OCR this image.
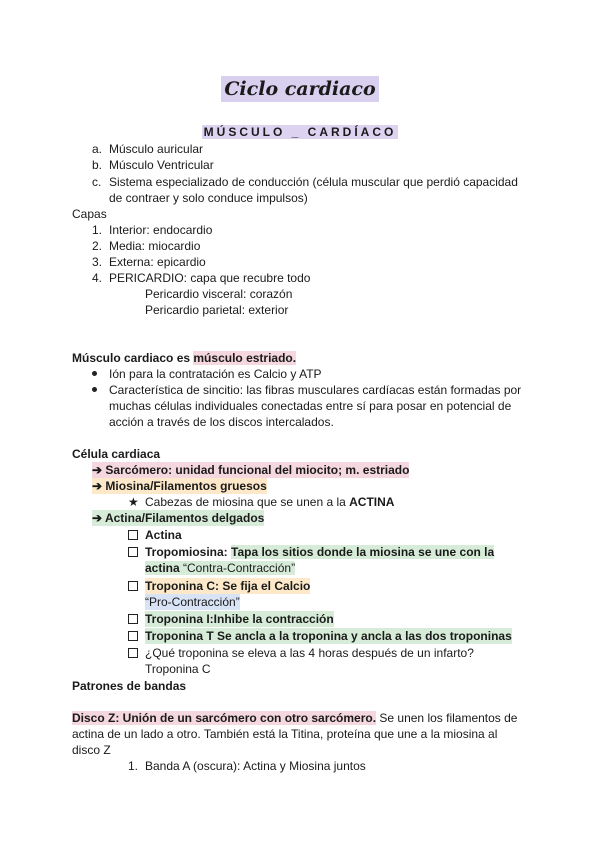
Ciclo cardiaco
MÚSCULO _ CARDÍACO
a. Músculo auricular
b. Músculo Ventricular
c. Sistema especializado de conducción (célula muscular que perdió capacidad
de contraer y solo conduce impulsos)
Capas
1. Interior: endocardio
2. Media: miocardio
3. Externa: epicardio
4. PERICARDIO: capa que recubre todo
Pericardio visceral: corazón
Pericardio parietal: exterior
Músculo cardiaco es músculo estriado.
Ión para la contratación es Calcio y ATP
Característica de sincitio: las fibras musculares cardíacas están formadas por
muchas células individuales conectadas entre sí para posar en potencial de
acción a través de los discos intercalados.
Célula cardiaca
➔ Sarcómero: unidad funcional del miocito; m. estriado
➔ Miosina/Filamentos gruesos
★ Cabezas de miosina que se unen a la ACTINA
➔ Actina/Filamentos delgados
Actina
Tropomiosina: Tapa los sitios donde la miosina se une con la
actina “Contra-Contracción”
Troponina C: Se fija el Calcio
“Pro-Contracción”
Troponina I:Inhibe la contracción
Troponina T Se ancla a la troponina y ancla a las dos troponinas
¿Qué troponina se eleva a las 4 horas después de un infarto?
Troponina C
Patrones de bandas
Disco Z: Unión de un sarcómero con otro sarcómero. Se unen los filamentos de
actina de un lado a otro. También está la Titina, proteína que une a la miosina al
disco Z
1. Banda A (oscura): Actina y Miosina juntos
